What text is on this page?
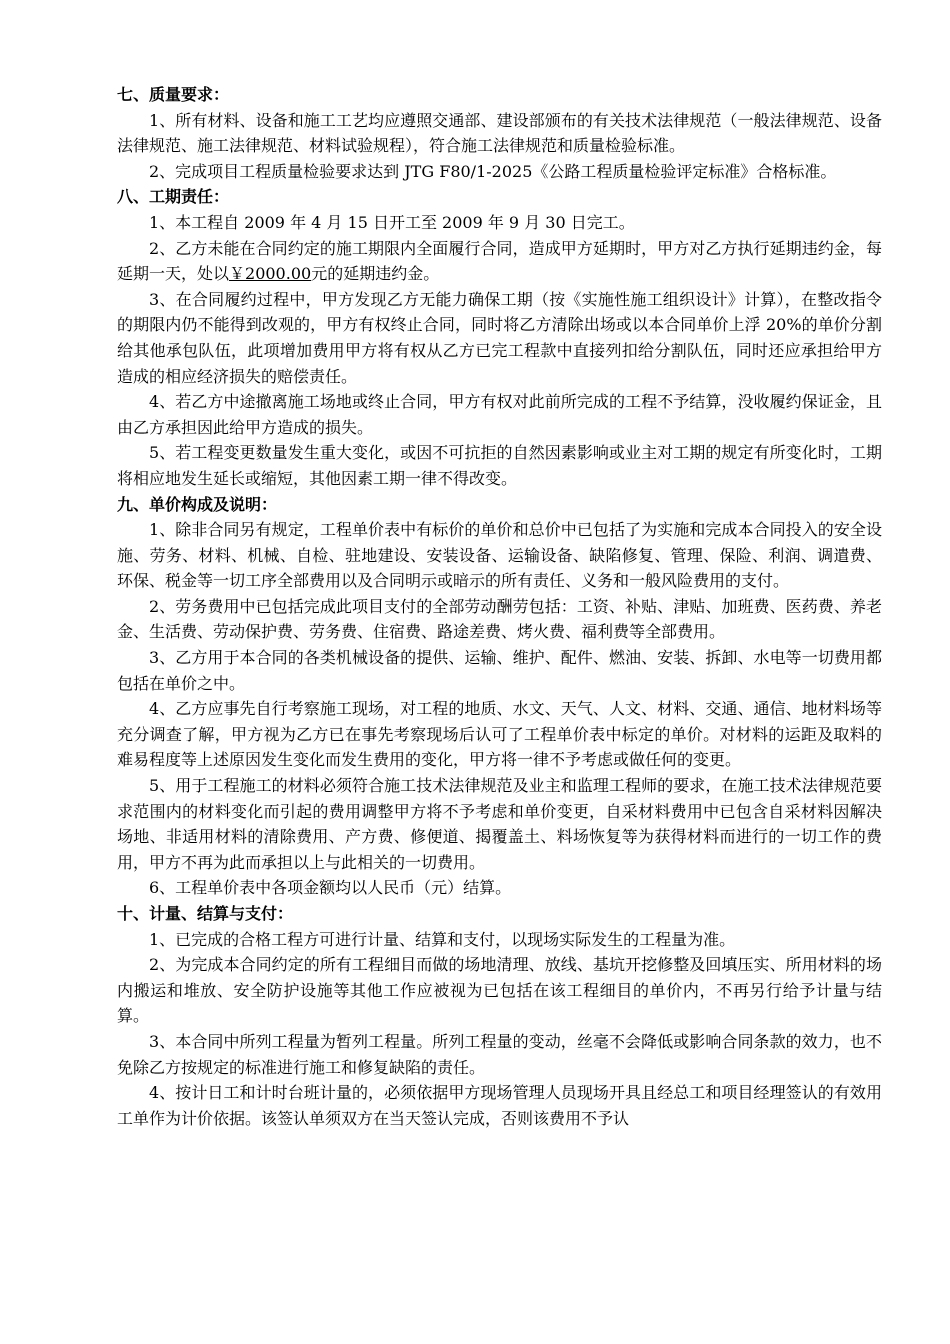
七、质量要求：

1、所有材料、设备和施工工艺均应遵照交通部、建设部颁布的有关技术法律规范（一般法律规范、设备法律规范、施工法律规范、材料试验规程），符合施工法律规范和质量检验标准。

2、完成项目工程质量检验要求达到 JTG F80/1-2025《公路工程质量检验评定标准》合格标准。

八、工期责任：

1、本工程自 2009 年 4 月 15 日开工至 2009 年 9 月 30 日完工。

2、乙方未能在合同约定的施工期限内全面履行合同，造成甲方延期时，甲方对乙方执行延期违约金，每延期一天，处以￥2000.00元的延期违约金。

3、在合同履约过程中，甲方发现乙方无能力确保工期（按《实施性施工组织设计》计算），在整改指令的期限内仍不能得到改观的，甲方有权终止合同，同时将乙方清除出场或以本合同单价上浮 20%的单价分割给其他承包队伍，此项增加费用甲方将有权从乙方已完工程款中直接列扣给分割队伍，同时还应承担给甲方造成的相应经济损失的赔偿责任。

4、若乙方中途撤离施工场地或终止合同，甲方有权对此前所完成的工程不予结算，没收履约保证金，且由乙方承担因此给甲方造成的损失。

5、若工程变更数量发生重大变化，或因不可抗拒的自然因素影响或业主对工期的规定有所变化时，工期将相应地发生延长或缩短，其他因素工期一律不得改变。

九、单价构成及说明：

1、除非合同另有规定，工程单价表中有标价的单价和总价中已包括了为实施和完成本合同投入的安全设施、劳务、材料、机械、自检、驻地建设、安装设备、运输设备、缺陷修复、管理、保险、利润、调遣费、环保、税金等一切工序全部费用以及合同明示或暗示的所有责任、义务和一般风险费用的支付。

2、劳务费用中已包括完成此项目支付的全部劳动酬劳包括：工资、补贴、津贴、加班费、医药费、养老金、生活费、劳动保护费、劳务费、住宿费、路途差费、烤火费、福利费等全部费用。

3、乙方用于本合同的各类机械设备的提供、运输、维护、配件、燃油、安装、拆卸、水电等一切费用都包括在单价之中。

4、乙方应事先自行考察施工现场，对工程的地质、水文、天气、人文、材料、交通、通信、地材料场等充分调查了解，甲方视为乙方已在事先考察现场后认可了工程单价表中标定的单价。对材料的运距及取料的难易程度等上述原因发生变化而发生费用的变化，甲方将一律不予考虑或做任何的变更。

5、用于工程施工的材料必须符合施工技术法律规范及业主和监理工程师的要求，在施工技术法律规范要求范围内的材料变化而引起的费用调整甲方将不予考虑和单价变更，自采材料费用中已包含自采材料因解决场地、非适用材料的清除费用、产方费、修便道、揭覆盖土、料场恢复等为获得材料而进行的一切工作的费用，甲方不再为此而承担以上与此相关的一切费用。

6、工程单价表中各项金额均以人民币（元）结算。

十、计量、结算与支付：

1、已完成的合格工程方可进行计量、结算和支付，以现场实际发生的工程量为准。

2、为完成本合同约定的所有工程细目而做的场地清理、放线、基坑开挖修整及回填压实、所用材料的场内搬运和堆放、安全防护设施等其他工作应被视为已包括在该工程细目的单价内，不再另行给予计量与结算。

3、本合同中所列工程量为暂列工程量。所列工程量的变动，丝毫不会降低或影响合同条款的效力，也不免除乙方按规定的标准进行施工和修复缺陷的责任。

4、按计日工和计时台班计量的，必须依据甲方现场管理人员现场开具且经总工和项目经理签认的有效用工单作为计价依据。该签认单须双方在当天签认完成，否则该费用不予认
